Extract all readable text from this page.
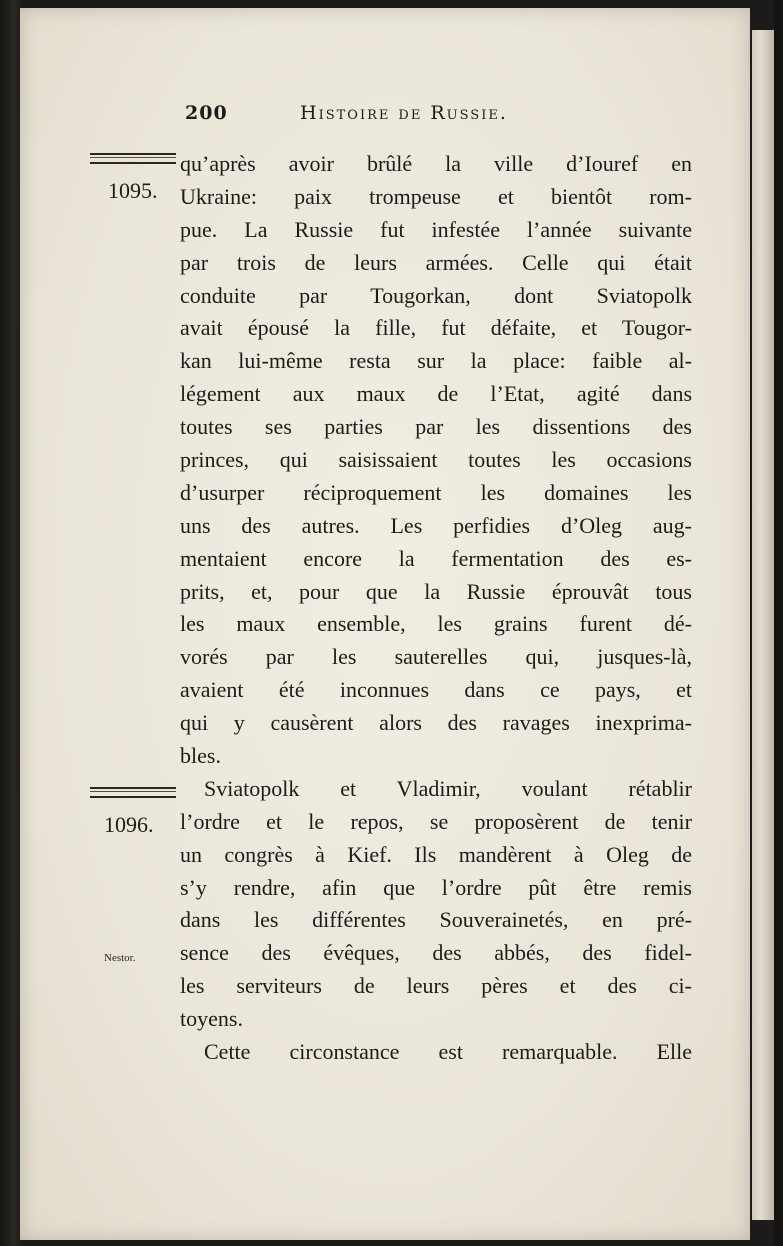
200	Histoire de Russie.
1095.
1096.
Nestor.
qu’après avoir brûlé la ville d’Iouref en
Ukraine: paix trompeuse et bientôt rom-
pue. La Russie fut infestée l’année suivante
par trois de leurs armées. Celle qui était
conduite par Tougorkan, dont Sviatopolk
avait épousé la fille, fut défaite, et Tougor-
kan lui-même resta sur la place: faible al-
légement aux maux de l’Etat, agité dans
toutes ses parties par les dissentions des
princes, qui saisissaient toutes les occasions
d’usurper réciproquement les domaines les
uns des autres. Les perfidies d’Oleg aug-
mentaient encore la fermentation des es-
prits, et, pour que la Russie éprouvât tous
les maux ensemble, les grains furent dé-
vorés par les sauterelles qui, jusques-là,
avaient été inconnues dans ce pays, et
qui y causèrent alors des ravages inexprima-
bles.
Sviatopolk et Vladimir, voulant rétablir
l’ordre et le repos, se proposèrent de tenir
un congrès à Kief. Ils mandèrent à Oleg de
s’y rendre, afin que l’ordre pût être remis
dans les différentes Souverainetés, en pré-
sence des évêques, des abbés, des fidel-
les serviteurs de leurs pères et des ci-
toyens.
Cette circonstance est remarquable. Elle
